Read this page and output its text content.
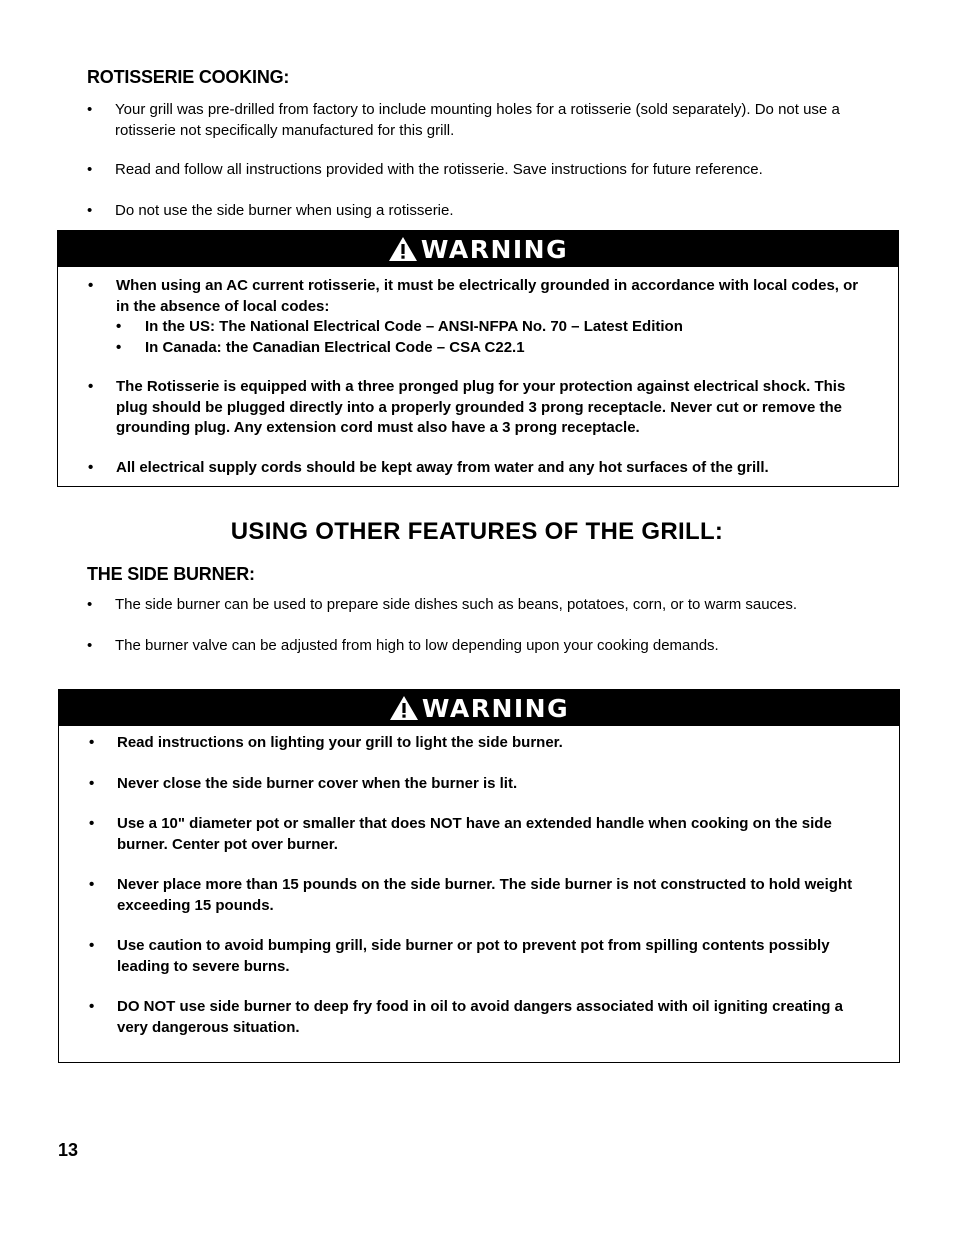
ROTISSERIE COOKING:
• Your grill was pre-drilled from factory to include mounting holes for a rotisserie (sold separately). Do not use a rotisserie not specifically manufactured for this grill.
• Read and follow all instructions provided with the rotisserie. Save instructions for future reference.
• Do not use the side burner when using a rotisserie.
WARNING
• When using an AC current rotisserie, it must be electrically grounded in accordance with local codes, or in the absence of local codes:
• In the US: The National Electrical Code – ANSI-NFPA No. 70 – Latest Edition
• In Canada: the Canadian Electrical Code – CSA C22.1
• The Rotisserie is equipped with a three pronged plug for your protection against electrical shock. This plug should be plugged directly into a properly grounded 3 prong receptacle. Never cut or remove the grounding plug. Any extension cord must also have a 3 prong receptacle.
• All electrical supply cords should be kept away from water and any hot surfaces of the grill.
USING OTHER FEATURES OF THE GRILL:
THE SIDE BURNER:
• The side burner can be used to prepare side dishes such as beans, potatoes, corn, or to warm sauces.
• The burner valve can be adjusted from high to low depending upon your cooking demands.
WARNING
• Read instructions on lighting your grill to light the side burner.
• Never close the side burner cover when the burner is lit.
• Use a 10" diameter pot or smaller that does NOT have an extended handle when cooking on the side burner. Center pot over burner.
• Never place more than 15 pounds on the side burner. The side burner is not constructed to hold weight exceeding 15 pounds.
• Use caution to avoid bumping grill, side burner or pot to prevent pot from spilling contents possibly leading to severe burns.
• DO NOT use side burner to deep fry food in oil to avoid dangers associated with oil igniting creating a very dangerous situation.
13
